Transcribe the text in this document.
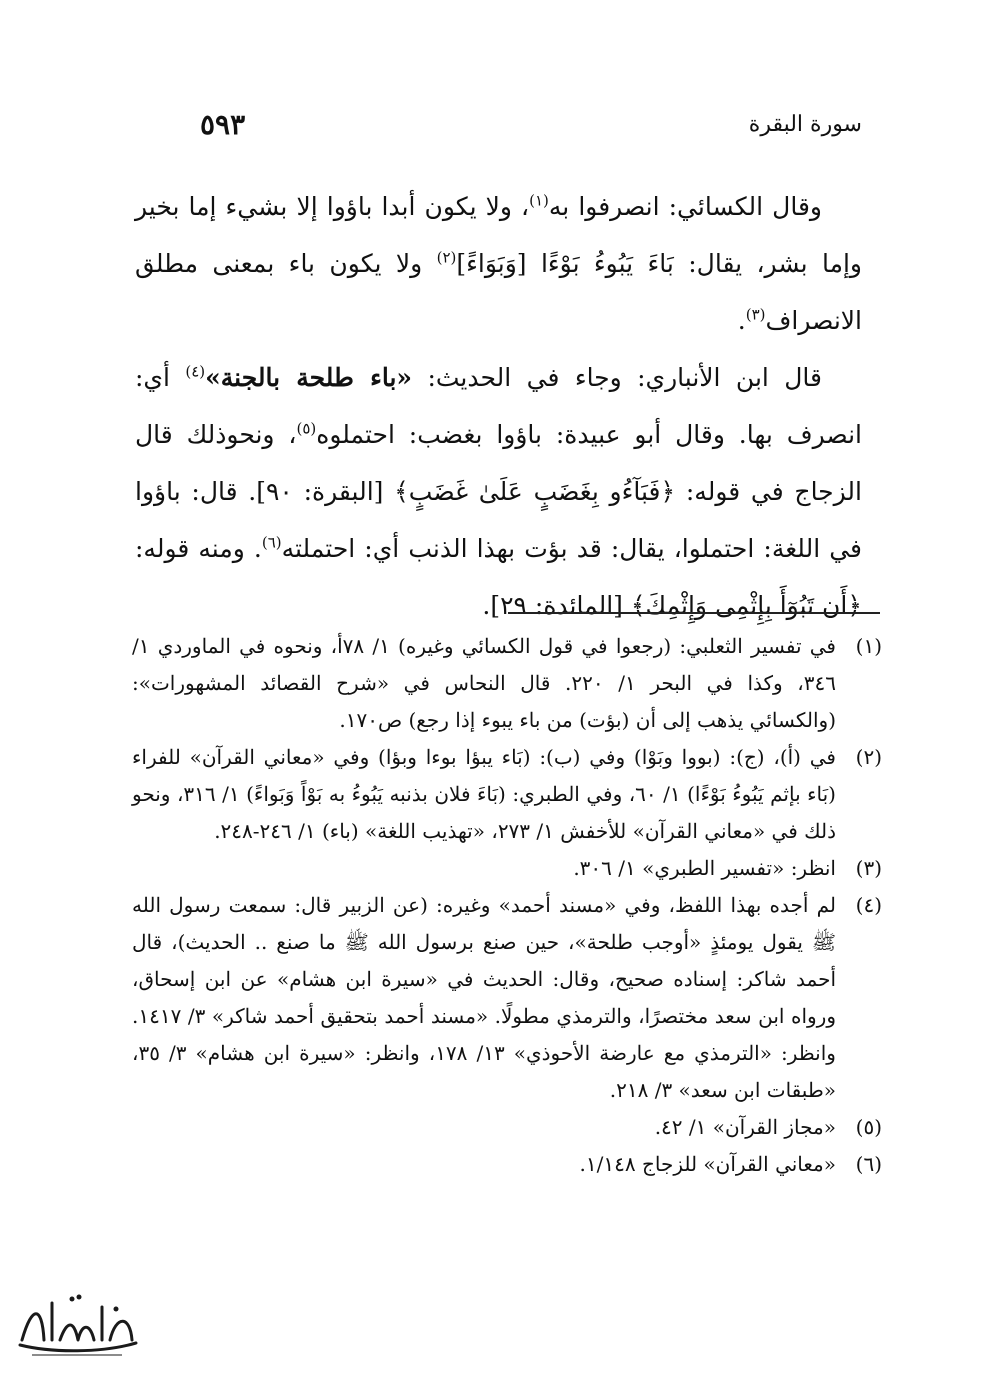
سورة البقرة
٥٩٣

وقال الكسائي: انصرفوا به$^{(١)}$، ولا يكون أبدا باؤوا إلا بشيء إما بخير وإما بشر، يقال: بَاءَ يَبُوءُ بَوْءًا [وَبَوَاءً]$^{(٢)}$ ولا يكون باء بمعنى مطلق الانصراف$^{(٣)}$.

قال ابن الأنباري: وجاء في الحديث: «باء طلحة بالجنة»$^{(٤)}$ أي: انصرف بها. وقال أبو عبيدة: باؤوا بغضب: احتملوه$^{(٥)}$، ونحوذلك قال الزجاج في قوله: ﴿فَبَآءُو بِغَضَبٍ عَلَىٰ غَضَبٍ﴾ [البقرة: ٩٠]. قال: باؤوا في اللغة: احتملوا، يقال: قد بؤت بهذا الذنب أي: احتملته$^{(٦)}$. ومنه قوله: ﴿أَن تَبُوٓأَ بِإِثْمِى وَإِثْمِكَ﴾ [المائدة: ٢٩].

(١)
في تفسير الثعلبي: (رجعوا في قول الكسائي وغيره) ١/ ٧٨أ، ونحوه في الماوردي ١/ ٣٤٦، وكذا في البحر ١/ ٢٢٠. قال النحاس في «شرح القصائد المشهورات»: (والكسائي يذهب إلى أن (بؤت) من باء يبوء إذا رجع) ص١٧٠.
(٢)
في (أ)، (ج): (بووا وبَوْا) وفي (ب): (بَاء يبؤا بوءا وبؤا) وفي «معاني القرآن» للفراء (بَاء بإثم يَبُوءُ بَوْءًا) ١/ ٦٠، وفي الطبري: (بَاءَ فلان بذنبه يَبُوءُ به بَوْاً وَبَواءً) ١/ ٣١٦، ونحو ذلك في «معاني القرآن» للأخفش ١/ ٢٧٣، «تهذيب اللغة» (باء) ١/ ٢٤٦-٢٤٨.
(٣)
انظر: «تفسير الطبري» ١/ ٣٠٦.
(٤)
لم أجده بهذا اللفظ، وفي «مسند أحمد» وغيره: (عن الزبير قال: سمعت رسول الله ﷺ يقول يومئذٍ «أوجب طلحة»، حين صنع برسول الله ﷺ ما صنع .. الحديث)، قال أحمد شاكر: إسناده صحيح، وقال: الحديث في «سيرة ابن هشام» عن ابن إسحاق، ورواه ابن سعد مختصرًا، والترمذي مطولًا. «مسند أحمد بتحقيق أحمد شاكر» ٣/ ١٤١٧. وانظر: «الترمذي مع عارضة الأحوذي» ١٣/ ١٧٨، وانظر: «سيرة ابن هشام» ٣/ ٣٥، «طبقات ابن سعد» ٣/ ٢١٨.
(٥)
«مجاز القرآن» ١/ ٤٢.
(٦)
«معاني القرآن» للزجاج ١/١٤٨.
